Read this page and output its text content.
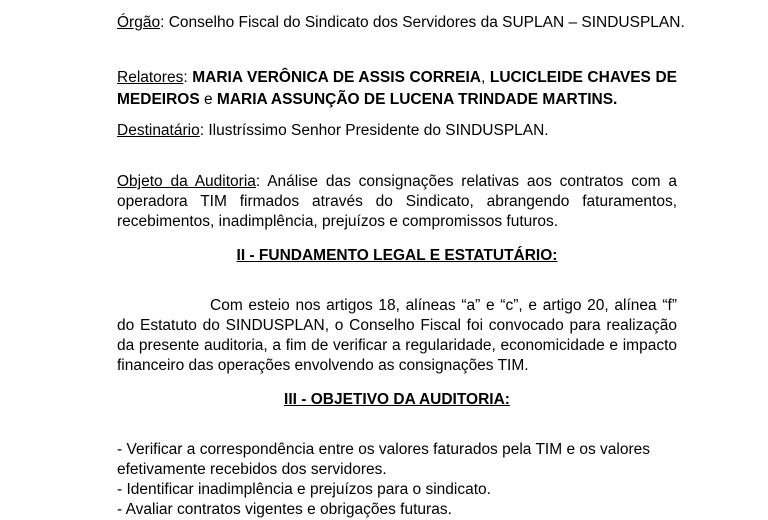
Órgão: Conselho Fiscal do Sindicato dos Servidores da SUPLAN – SINDUSPLAN.
Relatores: MARIA VERÔNICA DE ASSIS CORREIA, LUCICLEIDE CHAVES DE MEDEIROS e MARIA ASSUNÇÃO DE LUCENA TRINDADE MARTINS.
Destinatário: Ilustríssimo Senhor Presidente do SINDUSPLAN.
Objeto da Auditoria: Análise das consignações relativas aos contratos com a operadora TIM firmados através do Sindicato, abrangendo faturamentos, recebimentos, inadimplência, prejuízos e compromissos futuros.
II - FUNDAMENTO LEGAL E ESTATUTÁRIO:
Com esteio nos artigos 18, alíneas “a” e “c”, e artigo 20, alínea “f” do Estatuto do SINDUSPLAN, o Conselho Fiscal foi convocado para realização da presente auditoria, a fim de verificar a regularidade, economicidade e impacto financeiro das operações envolvendo as consignações TIM.
III - OBJETIVO DA AUDITORIA:
- Verificar a correspondência entre os valores faturados pela TIM e os valores efetivamente recebidos dos servidores.
- Identificar inadimplência e prejuízos para o sindicato.
- Avaliar contratos vigentes e obrigações futuras.
